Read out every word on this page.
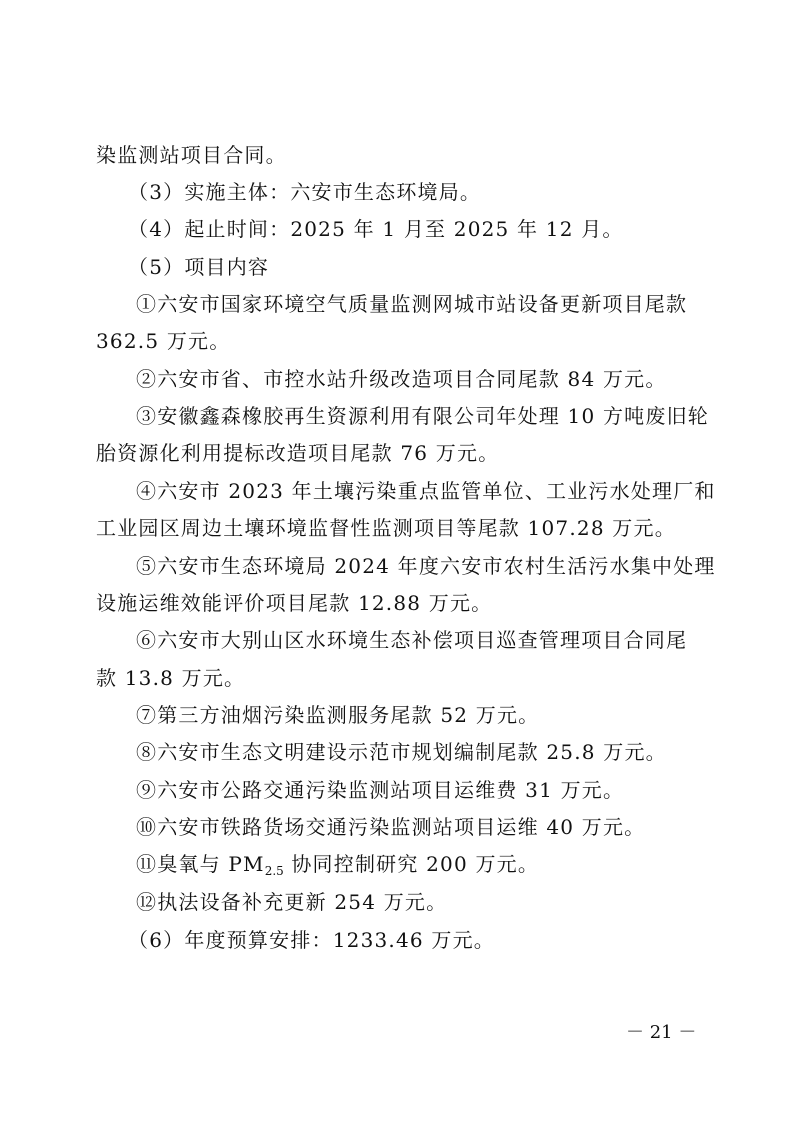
染监测站项目合同。
（3）实施主体：六安市生态环境局。
（4）起止时间：2025 年 1 月至 2025 年 12 月。
（5）项目内容
①六安市国家环境空气质量监测网城市站设备更新项目尾款
362.5 万元。
②六安市省、市控水站升级改造项目合同尾款 84 万元。
③安徽鑫森橡胶再生资源利用有限公司年处理 10 方吨废旧轮
胎资源化利用提标改造项目尾款 76 万元。
④六安市 2023 年土壤污染重点监管单位、工业污水处理厂和
工业园区周边土壤环境监督性监测项目等尾款 107.28 万元。
⑤六安市生态环境局 2024 年度六安市农村生活污水集中处理
设施运维效能评价项目尾款 12.88 万元。
⑥六安市大别山区水环境生态补偿项目巡查管理项目合同尾
款 13.8 万元。
⑦第三方油烟污染监测服务尾款 52 万元。
⑧六安市生态文明建设示范市规划编制尾款 25.8 万元。
⑨六安市公路交通污染监测站项目运维费 31 万元。
⑩六安市铁路货场交通污染监测站项目运维 40 万元。
⑪臭氧与 $PM_{2.5}$ 协同控制研究 200 万元。
⑫执法设备补充更新 254 万元。
（6）年度预算安排：1233.46 万元。
－ 21 －
